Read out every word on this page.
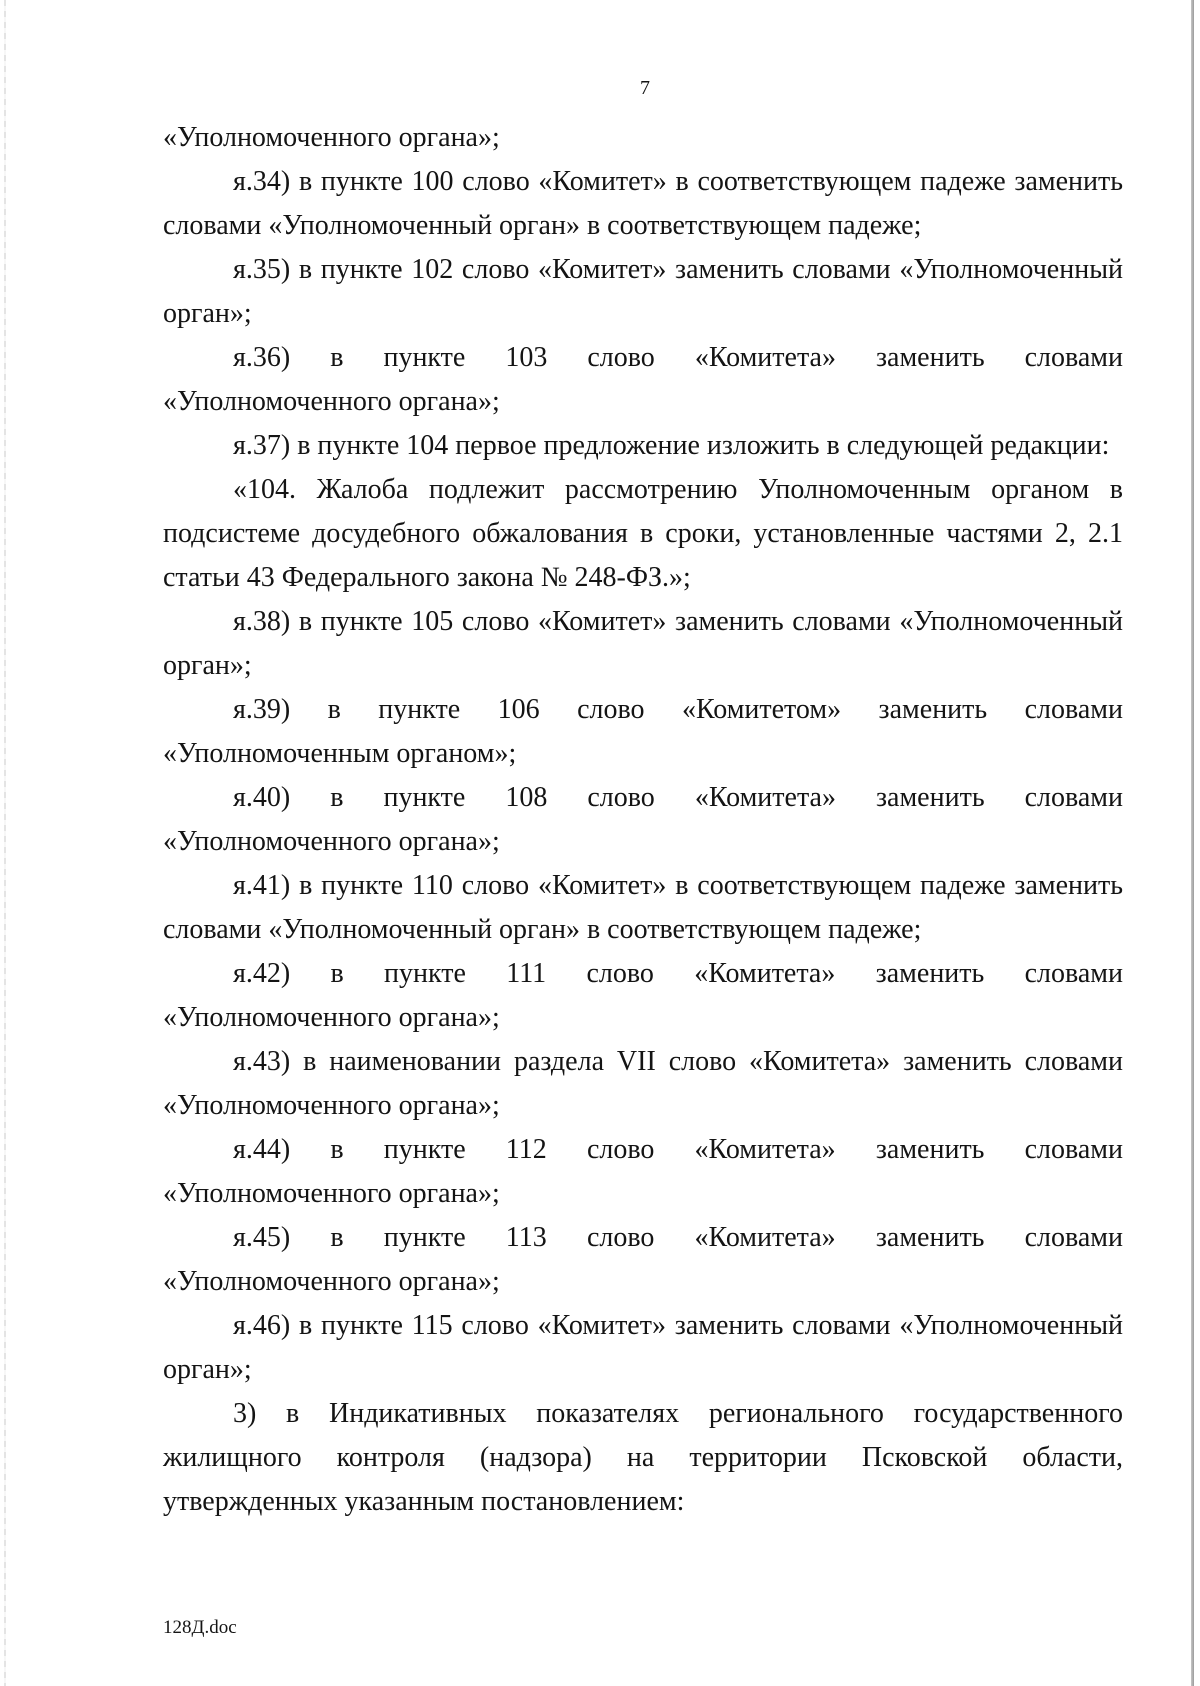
7

«Уполномоченного органа»;

я.34) в пункте 100 слово «Комитет» в соответствующем падеже заменить словами «Уполномоченный орган» в соответствующем падеже;

я.35) в пункте 102 слово «Комитет» заменить словами «Уполномоченный орган»;

я.36) в пункте 103 слово «Комитета» заменить словами «Уполномоченного органа»;

я.37) в пункте 104 первое предложение изложить в следующей редакции:

«104. Жалоба подлежит рассмотрению Уполномоченным органом в подсистеме досудебного обжалования в сроки, установленные частями 2, 2.1 статьи 43 Федерального закона № 248-ФЗ.»;

я.38) в пункте 105 слово «Комитет» заменить словами «Уполномоченный орган»;

я.39) в пункте 106 слово «Комитетом» заменить словами «Уполномоченным органом»;

я.40) в пункте 108 слово «Комитета» заменить словами «Уполномоченного органа»;

я.41) в пункте 110 слово «Комитет» в соответствующем падеже заменить словами «Уполномоченный орган» в соответствующем падеже;

я.42) в пункте 111 слово «Комитета» заменить словами «Уполномоченного органа»;

я.43) в наименовании раздела VII слово «Комитета» заменить словами «Уполномоченного органа»;

я.44) в пункте 112 слово «Комитета» заменить словами «Уполномоченного органа»;

я.45) в пункте 113 слово «Комитета» заменить словами «Уполномоченного органа»;

я.46) в пункте 115 слово «Комитет» заменить словами «Уполномоченный орган»;

3) в Индикативных показателях регионального государственного жилищного контроля (надзора) на территории Псковской области, утвержденных указанным постановлением:

128Д.doc
